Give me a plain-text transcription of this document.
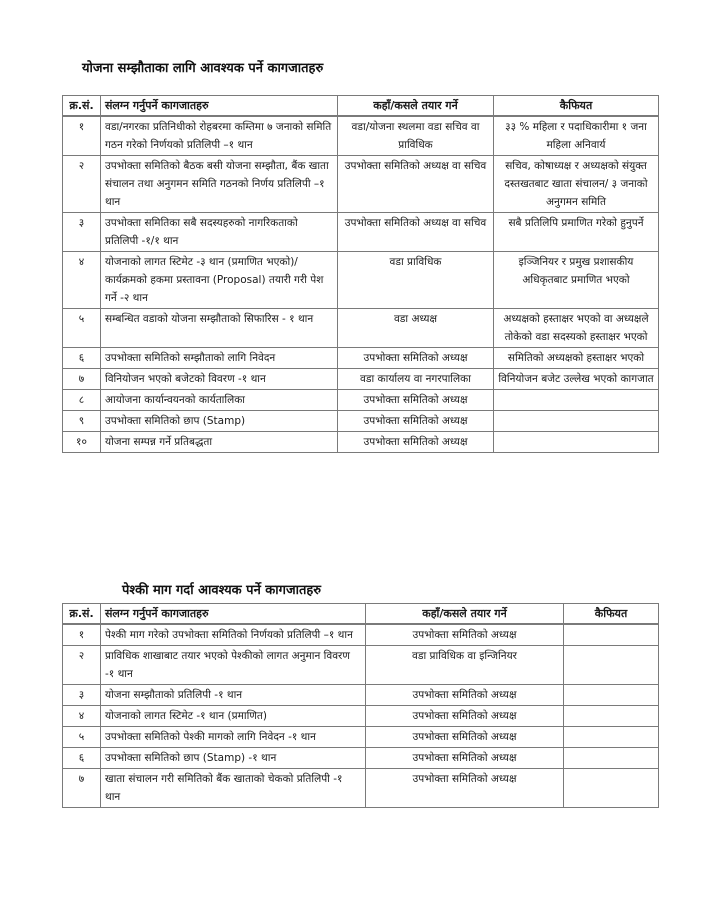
योजना सम्झौताका लागि आवश्यक पर्ने कागजातहरु
क्र.सं.	संलग्न गर्नुपर्ने कागजातहरु	कहाँ/कसले तयार गर्ने	कैफियत
१	वडा/नगरका प्रतिनिधीको रोहबरमा कम्तिमा ७ जनाको समिति गठन गरेको निर्णयको प्रतिलिपी –१ थान	वडा/योजना स्थलमा वडा सचिव वा प्राविधिक	३३ % महिला र पदाधिकारीमा १ जना महिला अनिवार्य
२	उपभोक्ता समितिको बैठक बसी योजना सम्झौता, बैंक खाता संचालन तथा अनुगमन समिति गठनको निर्णय प्रतिलिपी –१ थान	उपभोक्ता समितिको अध्यक्ष वा सचिव	सचिव, कोषाध्यक्ष र अध्यक्षको संयुक्त दस्तखतबाट खाता संचालन/ ३ जनाको अनुगमन समिति
३	उपभोक्ता समितिका सबै सदस्यहरुको नागरिकताको प्रतिलिपी -१/१ थान	उपभोक्ता समितिको अध्यक्ष वा सचिव	सबै प्रतिलिपि प्रमाणित गरेको हुनुपर्ने
४	योजनाको लागत स्टिमेट -३ थान (प्रमाणित भएको)/कार्यक्रमको हकमा प्रस्तावना (Proposal) तयारी गरी पेश गर्ने -२ थान	वडा प्राविधिक	इञ्जिनियर र प्रमुख प्रशासकीय अधिकृतबाट प्रमाणित भएको
५	सम्बन्धित वडाको योजना सम्झौताको सिफारिस - १ थान	वडा अध्यक्ष	अध्यक्षको हस्ताक्षर भएको वा अध्यक्षले तोकेको वडा सदस्यको हस्ताक्षर भएको
६	उपभोक्ता समितिको सम्झौताको लागि निवेदन	उपभोक्ता समितिको अध्यक्ष	समितिको अध्यक्षको हस्ताक्षर भएको
७	विनियोजन भएको बजेटको विवरण -१ थान	वडा कार्यालय वा नगरपालिका	विनियोजन बजेट उल्लेख भएको कागजात
८	आयोजना कार्यान्वयनको कार्यतालिका	उपभोक्ता समितिको अध्यक्ष	
९	उपभोक्ता समितिको छाप (Stamp)	उपभोक्ता समितिको अध्यक्ष	
१०	योजना सम्पन्न गर्ने प्रतिबद्धता	उपभोक्ता समितिको अध्यक्ष	
पेश्की माग गर्दा आवश्यक पर्ने कागजातहरु
क्र.सं.	संलग्न गर्नुपर्ने कागजातहरु	कहाँ/कसले तयार गर्ने	कैफियत
१	पेश्की माग गरेको उपभोक्ता समितिको निर्णयको प्रतिलिपी –१ थान	उपभोक्ता समितिको अध्यक्ष	
२	प्राविधिक शाखाबाट तयार भएको पेश्कीको लागत अनुमान विवरण -१ थान	वडा प्राविधिक वा इन्जिनियर	
३	योजना सम्झौताको प्रतिलिपी -१ थान	उपभोक्ता समितिको अध्यक्ष	
४	योजनाको लागत स्टिमेट -१ थान (प्रमाणित)	उपभोक्ता समितिको अध्यक्ष	
५	उपभोक्ता समितिको पेश्की मागको लागि निवेदन -१ थान	उपभोक्ता समितिको अध्यक्ष	
६	उपभोक्ता समितिको छाप (Stamp) -१ थान	उपभोक्ता समितिको अध्यक्ष	
७	खाता संचालन गरी समितिको बैंक खाताको चेकको प्रतिलिपी -१ थान	उपभोक्ता समितिको अध्यक्ष	
